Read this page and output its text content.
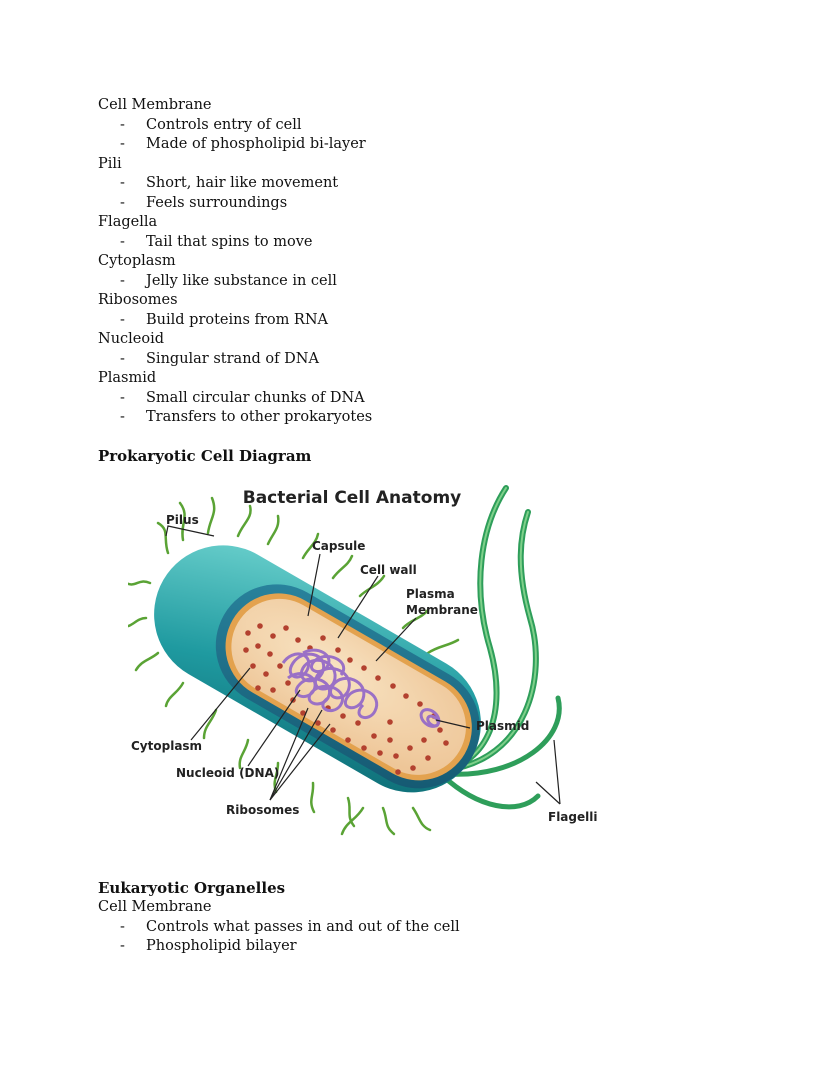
Cell Membrane
- Controls entry of cell
- Made of phospholipid bi-layer
Pili
- Short, hair like movement
- Feels surroundings
Flagella
- Tail that spins to move
Cytoplasm
- Jelly like substance in cell
Ribosomes
- Build proteins from RNA
Nucleoid
- Singular strand of DNA
Plasmid
- Small circular chunks of DNA
- Transfers to other prokaryotes
Prokaryotic Cell Diagram
Bacterial Cell Anatomy
Pilus
Capsule
Cell wall
Plasma
Membrane
Plasmid
Cytoplasm
Nucleoid (DNA)
Ribosomes	Flagelli
Eukaryotic Organelles
Cell Membrane
- Controls what passes in and out of the cell
- Phospholipid bilayer
